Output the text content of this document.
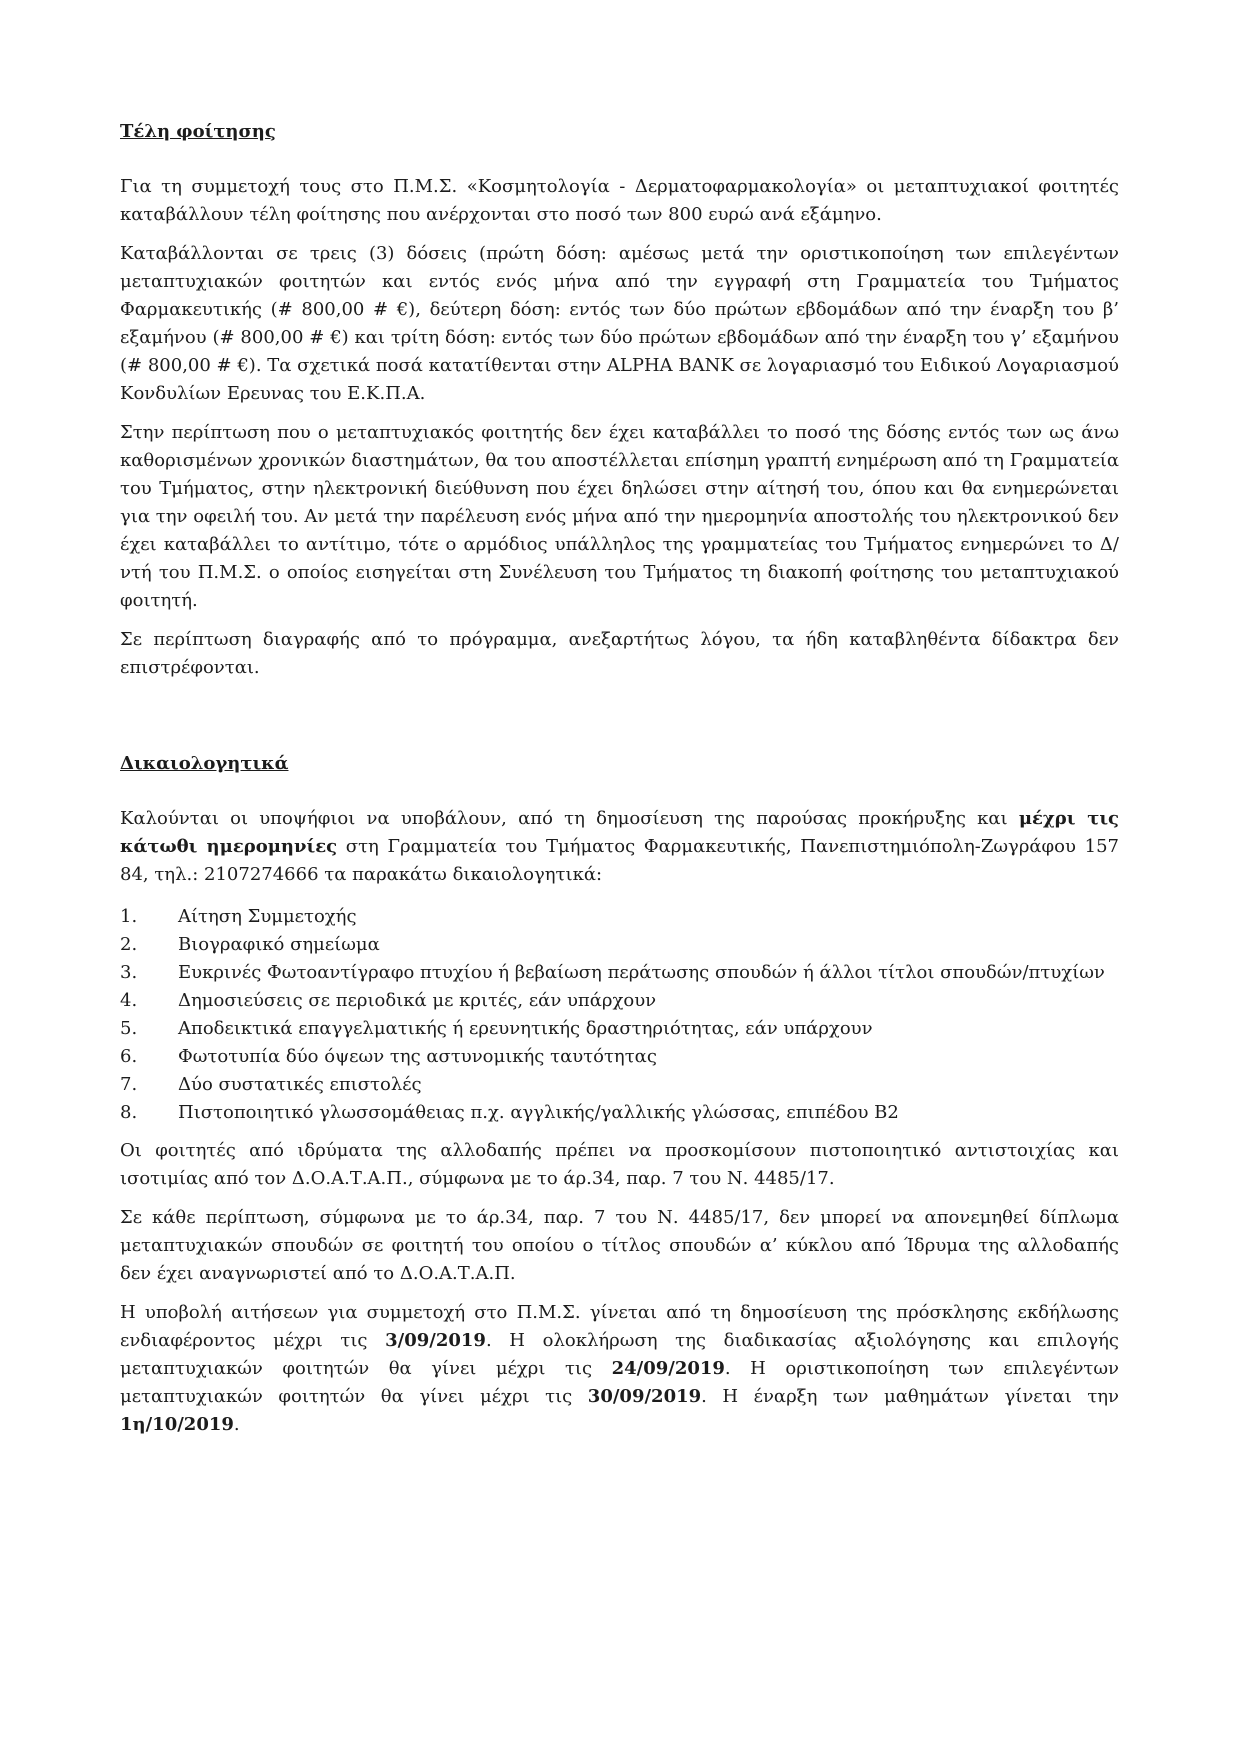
Τέλη φοίτησης

Για τη συμμετοχή τους στο Π.Μ.Σ. «Κοσμητολογία - Δερματοφαρμακολογία» οι μεταπτυχιακοί φοιτητές καταβάλλουν τέλη φοίτησης που ανέρχονται στο ποσό των 800 ευρώ ανά εξάμηνο.

Καταβάλλονται σε τρεις (3) δόσεις (πρώτη δόση: αμέσως μετά την οριστικοποίηση των επιλεγέντων μεταπτυχιακών φοιτητών και εντός ενός μήνα από την εγγραφή στη Γραμματεία του Τμήματος Φαρμακευτικής (# 800,00 # €), δεύτερη δόση: εντός των δύο πρώτων εβδομάδων από την έναρξη του β’ εξαμήνου (# 800,00 # €) και τρίτη δόση: εντός των δύο πρώτων εβδομάδων από την έναρξη του γ’ εξαμήνου (# 800,00 # €). Τα σχετικά ποσά κατατίθενται στην ALPHA BANK σε λογαριασμό του Ειδικού Λογαριασμού Κονδυλίων Ερευνας του Ε.Κ.Π.Α.

Στην περίπτωση που ο μεταπτυχιακός φοιτητής δεν έχει καταβάλλει το ποσό της δόσης εντός των ως άνω καθορισμένων χρονικών διαστημάτων, θα του αποστέλλεται επίσημη γραπτή ενημέρωση από τη Γραμματεία του Τμήματος, στην ηλεκτρονική διεύθυνση που έχει δηλώσει στην αίτησή του, όπου και θα ενημερώνεται για την οφειλή του. Αν μετά την παρέλευση ενός μήνα από την ημερομηνία αποστολής του ηλεκτρονικού δεν έχει καταβάλλει το αντίτιμο, τότε ο αρμόδιος υπάλληλος της γραμματείας του Τμήματος ενημερώνει το Δ/ντή του Π.Μ.Σ. ο οποίος εισηγείται στη Συνέλευση του Τμήματος τη διακοπή φοίτησης του μεταπτυχιακού φοιτητή.

Σε περίπτωση διαγραφής από το πρόγραμμα, ανεξαρτήτως λόγου, τα ήδη καταβληθέντα δίδακτρα δεν επιστρέφονται.

Δικαιολογητικά

Καλούνται οι υποψήφιοι να υποβάλουν, από τη δημοσίευση της παρούσας προκήρυξης και μέχρι τις κάτωθι ημερομηνίες στη Γραμματεία του Τμήματος Φαρμακευτικής, Πανεπιστημιόπολη-Ζωγράφου 157 84, τηλ.: 2107274666 τα παρακάτω δικαιολογητικά:

1. Αίτηση Συμμετοχής
2. Βιογραφικό σημείωμα
3. Ευκρινές Φωτοαντίγραφο πτυχίου ή βεβαίωση περάτωσης σπουδών ή άλλοι τίτλοι σπουδών/πτυχίων
4. Δημοσιεύσεις σε περιοδικά με κριτές, εάν υπάρχουν
5. Αποδεικτικά επαγγελματικής ή ερευνητικής δραστηριότητας, εάν υπάρχουν
6. Φωτοτυπία δύο όψεων της αστυνομικής ταυτότητας
7. Δύο συστατικές επιστολές
8. Πιστοποιητικό γλωσσομάθειας π.χ. αγγλικής/γαλλικής γλώσσας, επιπέδου Β2

Οι φοιτητές από ιδρύματα της αλλοδαπής πρέπει να προσκομίσουν πιστοποιητικό αντιστοιχίας και ισοτιμίας από τον Δ.Ο.Α.Τ.Α.Π., σύμφωνα με το άρ.34, παρ. 7 του Ν. 4485/17.

Σε κάθε περίπτωση, σύμφωνα με το άρ.34, παρ. 7 του Ν. 4485/17, δεν μπορεί να απονεμηθεί δίπλωμα μεταπτυχιακών σπουδών σε φοιτητή του οποίου ο τίτλος σπουδών α’ κύκλου από Ίδρυμα της αλλοδαπής δεν έχει αναγνωριστεί από το Δ.Ο.Α.Τ.Α.Π.

Η υποβολή αιτήσεων για συμμετοχή στο Π.Μ.Σ. γίνεται από τη δημοσίευση της πρόσκλησης εκδήλωσης ενδιαφέροντος μέχρι τις 3/09/2019. Η ολοκλήρωση της διαδικασίας αξιολόγησης και επιλογής μεταπτυχιακών φοιτητών θα γίνει μέχρι τις 24/09/2019. Η οριστικοποίηση των επιλεγέντων μεταπτυχιακών φοιτητών θα γίνει μέχρι τις 30/09/2019. Η έναρξη των μαθημάτων γίνεται την 1η/10/2019.
